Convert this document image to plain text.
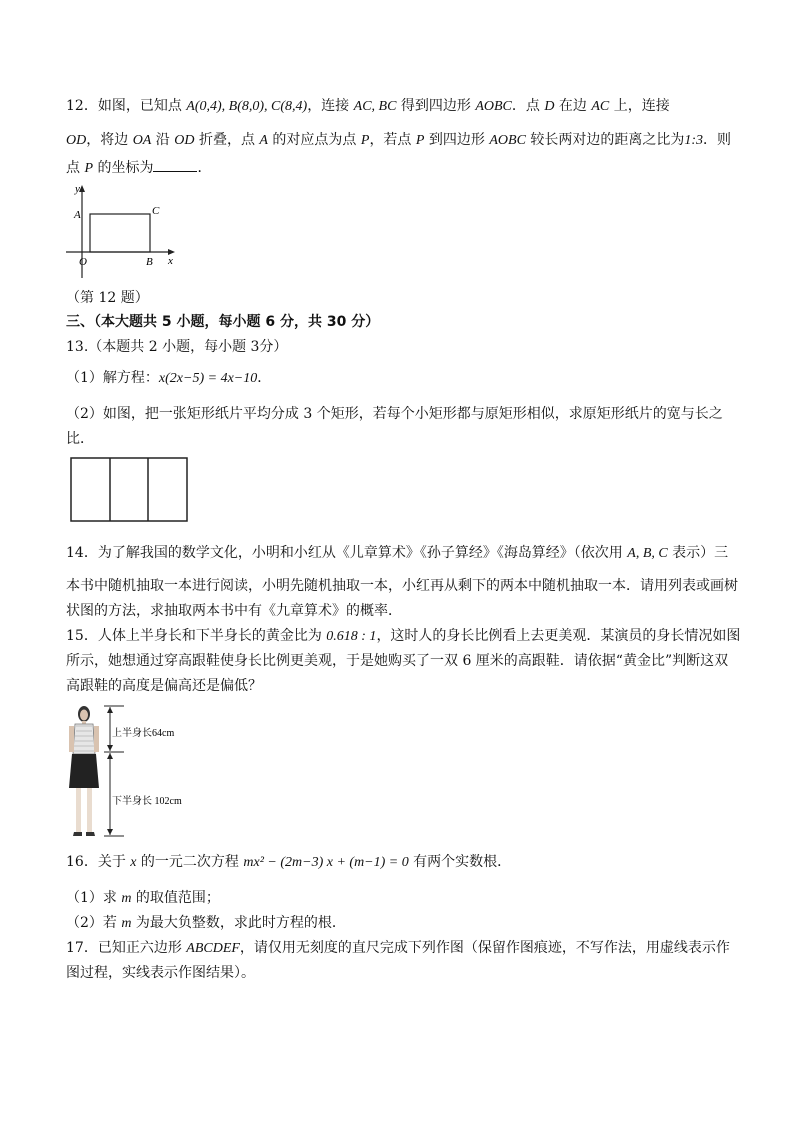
12．如图，已知点 A(0,4), B(8,0), C(8,4)，连接 AC, BC 得到四边形 AOBC．点 D 在边 AC 上，连接
OD，将边 OA 沿 OD 折叠，点 A 的对应点为点 P，若点 P 到四边形 AOBC 较长两对边的距离之比为1:3．则
点 P 的坐标为	．
y
A	C
O	B x
（第 12 题）
三、（本大题共 5 小题，每小题 6 分，共 30 分）
13.（本题共 2 小题，每小题 3分）
（1）解方程：x(2x−5) = 4x−10．
（2）如图，把一张矩形纸片平均分成 3 个矩形，若每个小矩形都与原矩形相似，求原矩形纸片的宽与长之
比．
14．为了解我国的数学文化，小明和小红从《儿章算术》《孙子算经》《海岛算经》（依次用 A, B, C 表示）三
本书中随机抽取一本进行阅读，小明先随机抽取一本，小红再从剩下的两本中随机抽取一本．请用列表或画树
状图的方法，求抽取两本书中有《九章算术》的概率．
15．人体上半身长和下半身长的黄金比为 0.618 : 1，这时人的身长比例看上去更美观．某演员的身长情况如图
所示，她想通过穿高跟鞋使身长比例更美观，于是她购买了一双 6 厘米的高跟鞋．请依据“黄金比”判断这双
高跟鞋的高度是偏高还是偏低？
上半身长64cm
下半身长 102cm
16．关于 x 的一元二次方程 mx² − (2m−3) x + (m−1) = 0 有两个实数根．
（1）求 m 的取值范围；
（2）若 m 为最大负整数，求此时方程的根．
17．已知正六边形 ABCDEF，请仅用无刻度的直尺完成下列作图（保留作图痕迹，不写作法，用虚线表示作
图过程，实线表示作图结果）。
